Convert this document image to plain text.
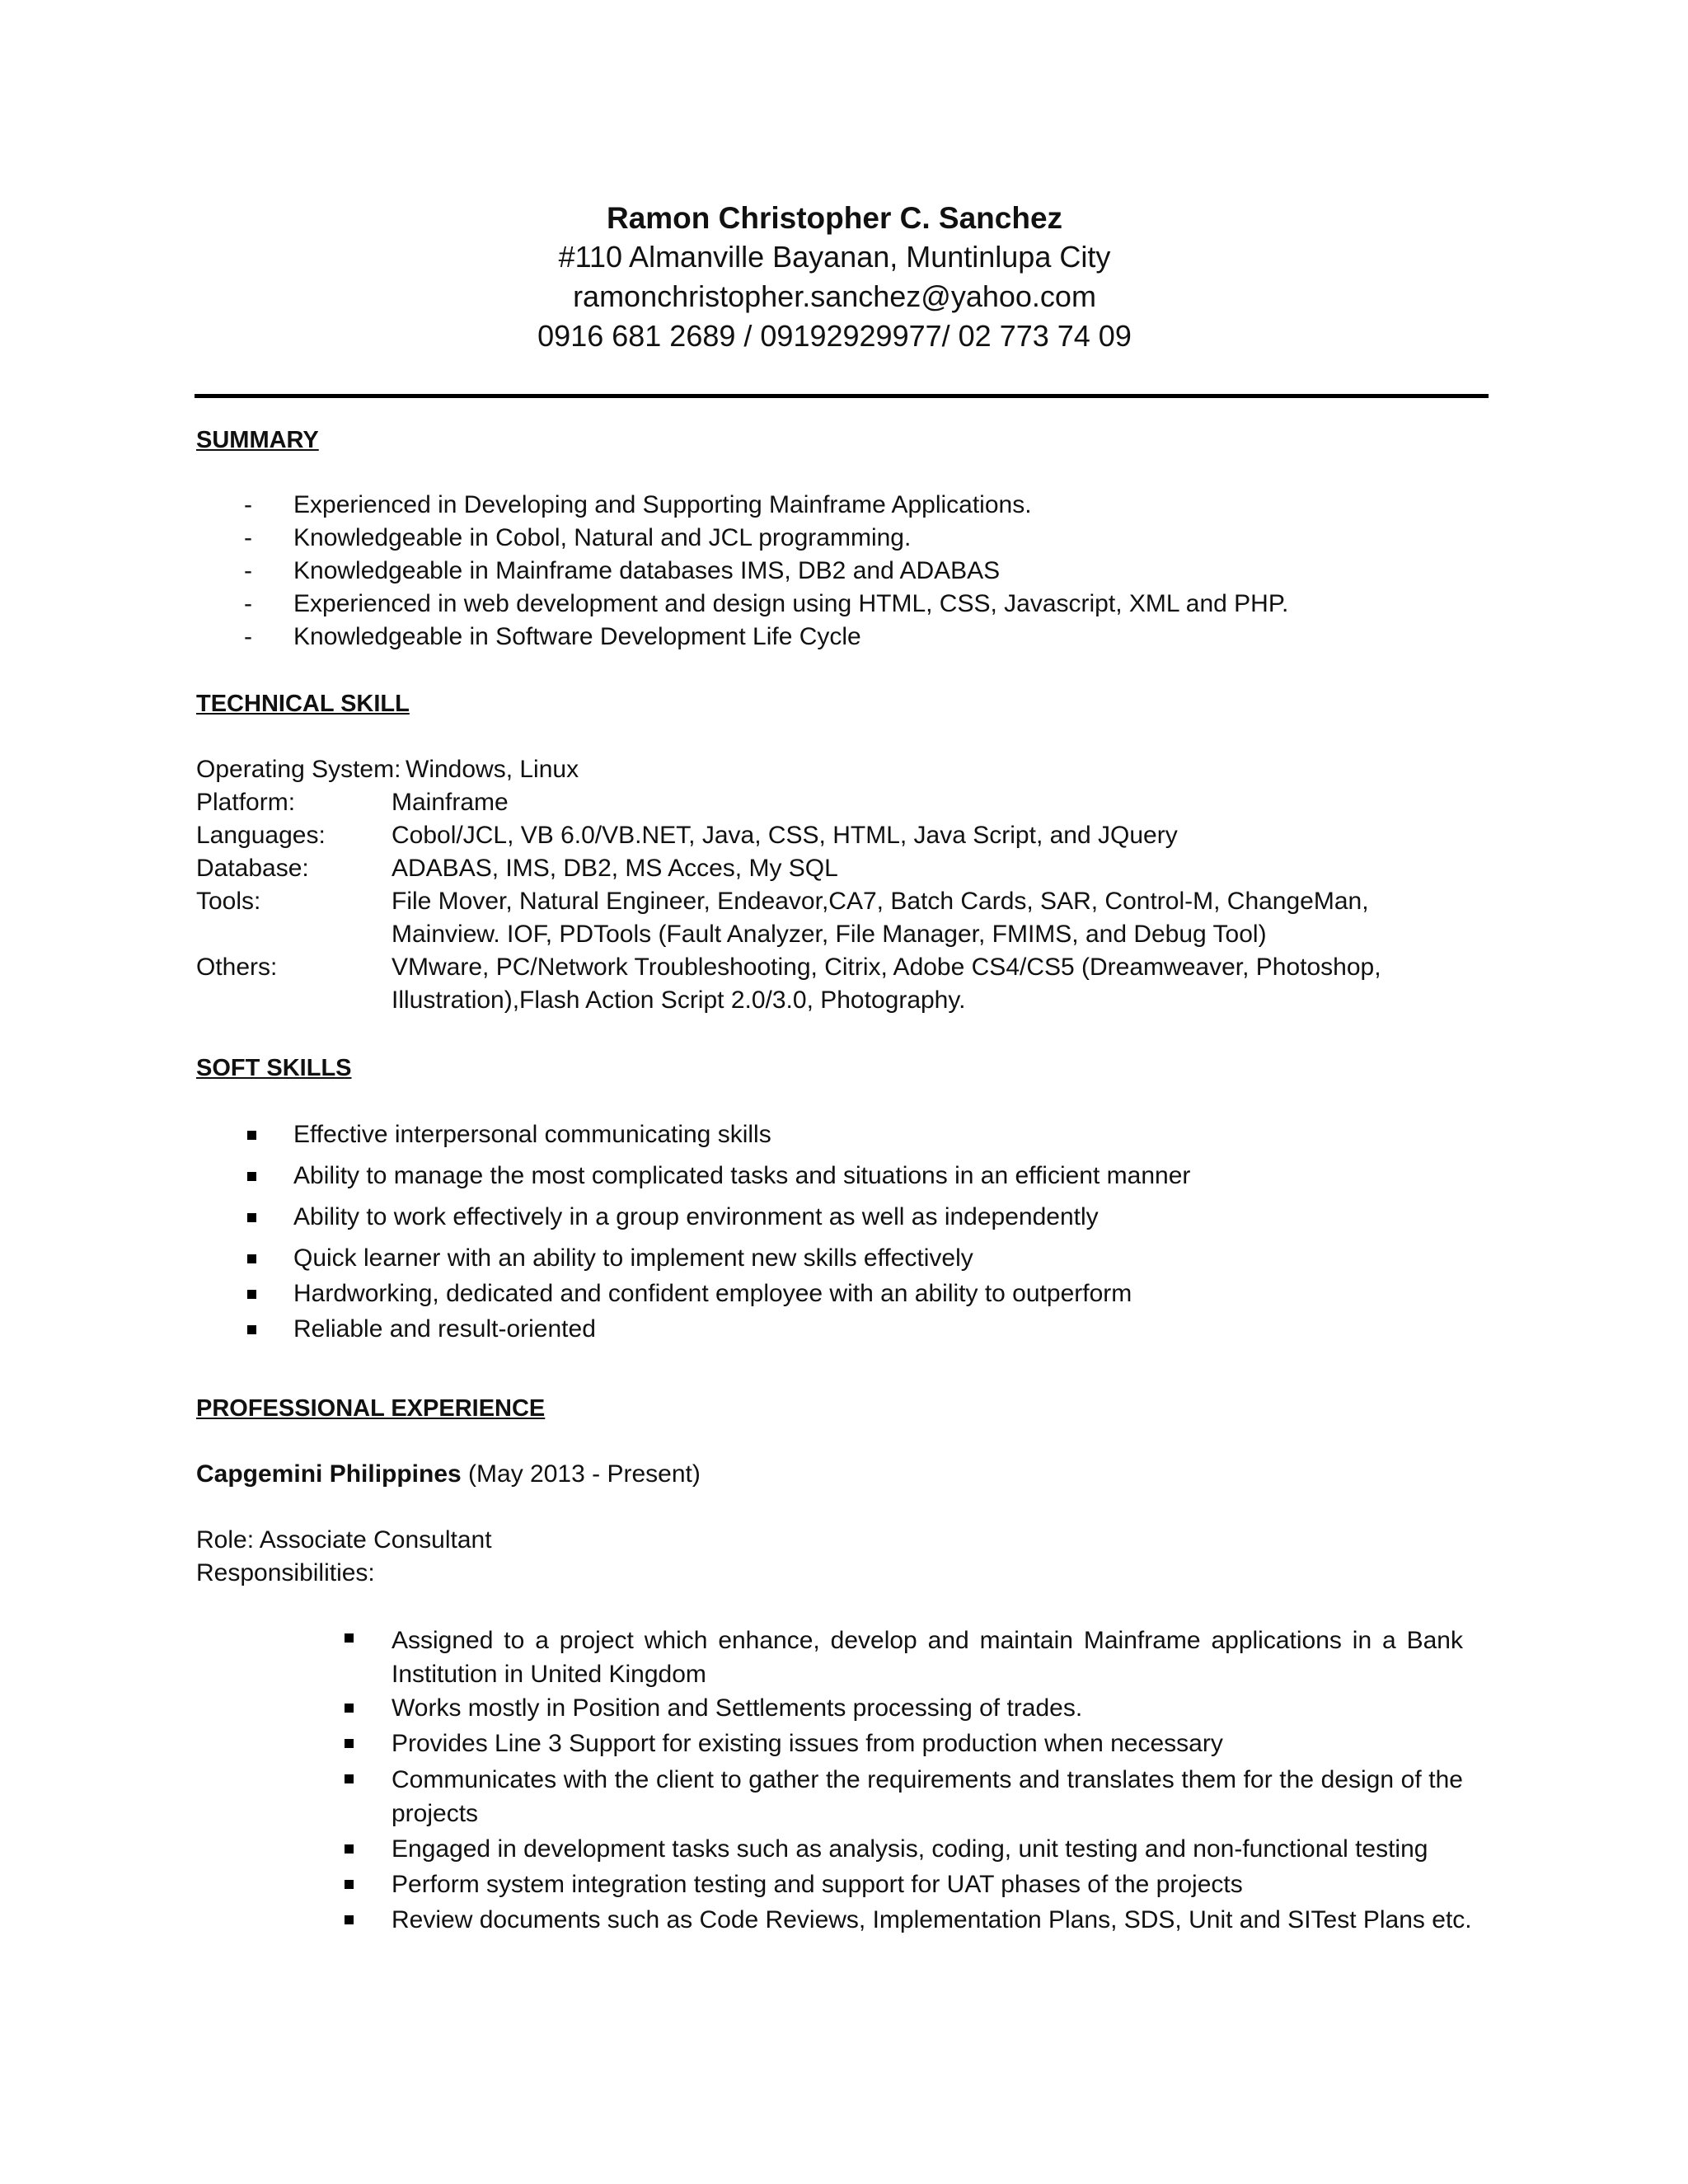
Ramon Christopher C. Sanchez
#110 Almanville Bayanan, Muntinlupa City
ramonchristopher.sanchez@yahoo.com
0916 681 2689 / 09192929977/ 02 773 74 09
SUMMARY
- Experienced in Developing and Supporting Mainframe Applications.
- Knowledgeable in Cobol, Natural and JCL programming.
- Knowledgeable in Mainframe databases IMS, DB2 and ADABAS
- Experienced in web development and design using HTML, CSS, Javascript, XML and PHP.
- Knowledgeable in Software Development Life Cycle
TECHNICAL SKILL
Operating System: Windows, Linux
Platform:	Mainframe
Languages:	Cobol/JCL, VB 6.0/VB.NET, Java, CSS, HTML, Java Script, and JQuery
Database:	ADABAS, IMS, DB2, MS Acces, My SQL
Tools:	File Mover, Natural Engineer, Endeavor,CA7, Batch Cards, SAR, Control-M, ChangeMan,
Mainview. IOF, PDTools (Fault Analyzer, File Manager, FMIMS, and Debug Tool)
Others:	VMware, PC/Network Troubleshooting, Citrix, Adobe CS4/CS5 (Dreamweaver, Photoshop,
Illustration),Flash Action Script 2.0/3.0, Photography.
SOFT SKILLS
Effective interpersonal communicating skills
Ability to manage the most complicated tasks and situations in an efficient manner
Ability to work effectively in a group environment as well as independently
Quick learner with an ability to implement new skills effectively
Hardworking, dedicated and confident employee with an ability to outperform
Reliable and result-oriented
PROFESSIONAL EXPERIENCE
Capgemini Philippines (May 2013 - Present)
Role: Associate Consultant
Responsibilities:
Assigned to a project which enhance, develop and maintain Mainframe applications in a Bank Institution in United Kingdom
Works mostly in Position and Settlements processing of trades.
Provides Line 3 Support for existing issues from production when necessary
Communicates with the client to gather the requirements and translates them for the design of the projects
Engaged in development tasks such as analysis, coding, unit testing and non-functional testing
Perform system integration testing and support for UAT phases of the projects
Review documents such as Code Reviews, Implementation Plans, SDS, Unit and SITest Plans etc.
